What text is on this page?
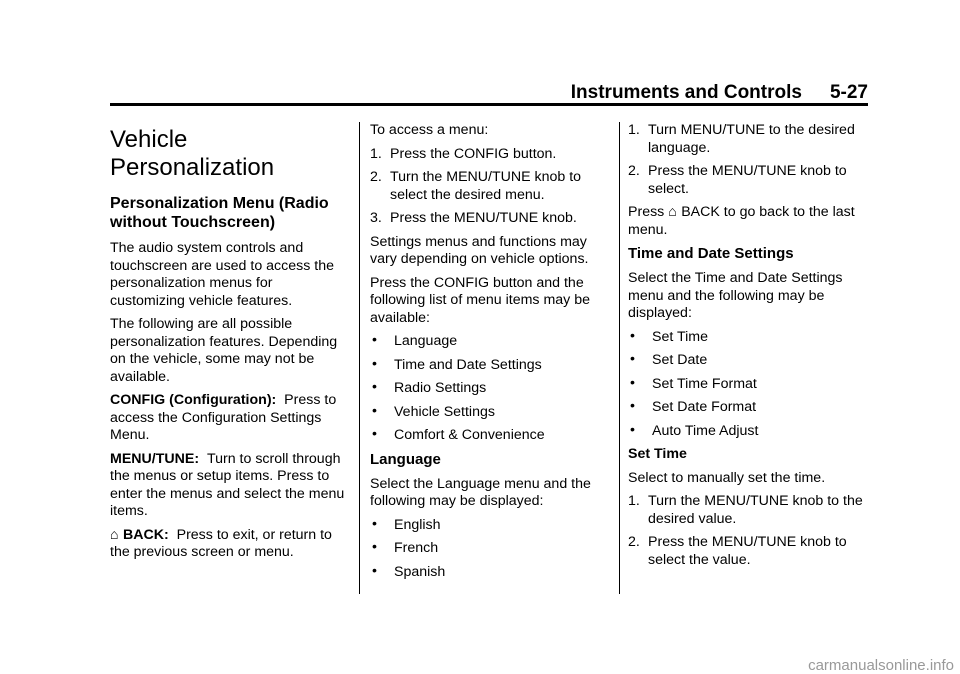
Instruments and Controls 5-27
Vehicle
Personalization
Personalization Menu (Radio without Touchscreen)

The audio system controls and touchscreen are used to access the personalization menus for customizing vehicle features.

The following are all possible personalization features. Depending on the vehicle, some may not be available.

CONFIG (Configuration): Press to access the Configuration Settings Menu.

MENU/TUNE: Turn to scroll through the menus or setup items. Press to enter the menus and select the menu items.

⌂ BACK: Press to exit, or return to the previous screen or menu.

To access a menu:

1. Press the CONFIG button.
2. Turn the MENU/TUNE knob to select the desired menu.
3. Press the MENU/TUNE knob.

Settings menus and functions may vary depending on vehicle options.

Press the CONFIG button and the following list of menu items may be available:

• Language
• Time and Date Settings
• Radio Settings
• Vehicle Settings
• Comfort & Convenience
Language

Select the Language menu and the following may be displayed:

• English
• French
• Spanish
1. Turn MENU/TUNE to the desired language.
2. Press the MENU/TUNE knob to select.

Press ⌂ BACK to go back to the last menu.

Time and Date Settings

Select the Time and Date Settings menu and the following may be displayed:

• Set Time
• Set Date
• Set Time Format
• Set Date Format
• Auto Time Adjust

Set Time

Select to manually set the time.

1. Turn the MENU/TUNE knob to the desired value.
2. Press the MENU/TUNE knob to select the value.
carmanualsonline.info
